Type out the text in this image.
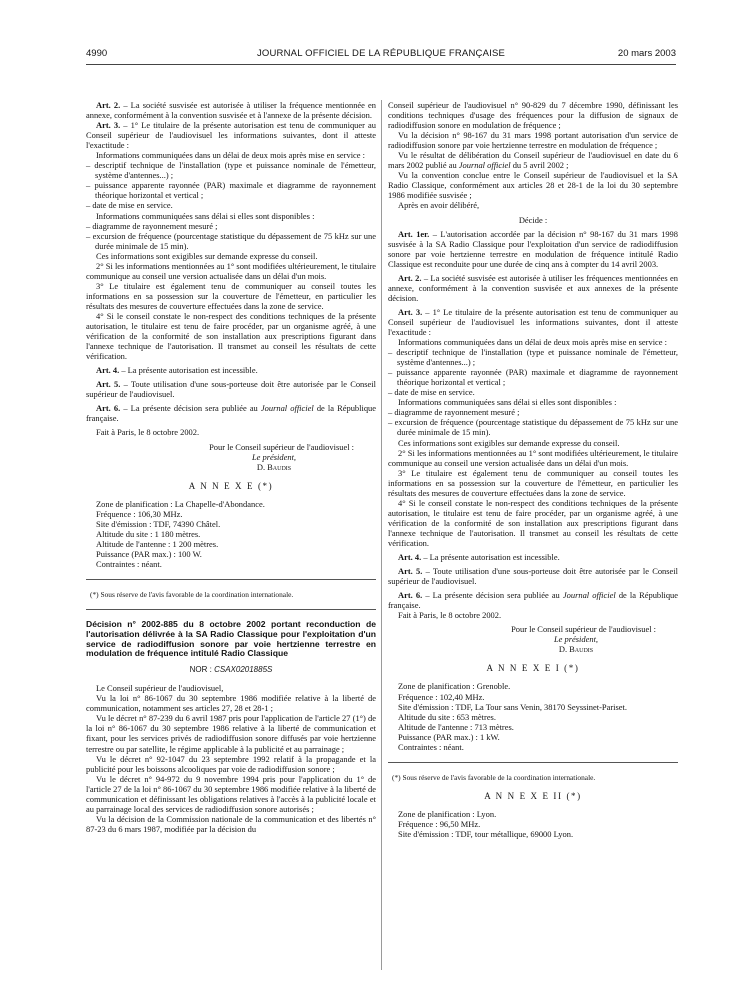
4990	JOURNAL OFFICIEL DE LA RÉPUBLIQUE FRANÇAISE	20 mars 2003

Art. 2. – La société susvisée est autorisée à utiliser la fréquence mentionnée en annexe, conformément à la convention susvisée et à l'annexe de la présente décision.

Art. 3. – 1° Le titulaire de la présente autorisation est tenu de communiquer au Conseil supérieur de l'audiovisuel les informations suivantes, dont il atteste l'exactitude :

Informations communiquées dans un délai de deux mois après mise en service :

– descriptif technique de l'installation (type et puissance nominale de l'émetteur, système d'antennes...) ;

– puissance apparente rayonnée (PAR) maximale et diagramme de rayonnement théorique horizontal et vertical ;

– date de mise en service.

Informations communiquées sans délai si elles sont disponibles :

– diagramme de rayonnement mesuré ;

– excursion de fréquence (pourcentage statistique du dépassement de 75 kHz sur une durée minimale de 15 min).

Ces informations sont exigibles sur demande expresse du conseil.

2° Si les informations mentionnées au 1° sont modifiées ultérieurement, le titulaire communique au conseil une version actualisée dans un délai d'un mois.

3° Le titulaire est également tenu de communiquer au conseil toutes les informations en sa possession sur la couverture de l'émetteur, en particulier les résultats des mesures de couverture effectuées dans la zone de service.

4° Si le conseil constate le non-respect des conditions techniques de la présente autorisation, le titulaire est tenu de faire procéder, par un organisme agréé, à une vérification de la conformité de son installation aux prescriptions figurant dans l'annexe technique de l'autorisation. Il transmet au conseil les résultats de cette vérification.

Art. 4. – La présente autorisation est incessible.

Art. 5. – Toute utilisation d'une sous-porteuse doit être autorisée par le Conseil supérieur de l'audiovisuel.

Art. 6. – La présente décision sera publiée au Journal officiel de la République française.

Fait à Paris, le 8 octobre 2002.

Pour le Conseil supérieur de l'audiovisuel :

Le président,

D. Baudis

A N N E X E (*)

Zone de planification : La Chapelle-d'Abondance.

Fréquence : 106,30 MHz.

Site d'émission : TDF, 74390 Châtel.

Altitude du site : 1 180 mètres.

Altitude de l'antenne : 1 200 mètres.

Puissance (PAR max.) : 100 W.

Contraintes : néant.

(*) Sous réserve de l'avis favorable de la coordination internationale.

Décision n° 2002-885 du 8 octobre 2002 portant reconduction de l'autorisation délivrée à la SA Radio Classique pour l'exploitation d'un service de radiodiffusion sonore par voie hertzienne terrestre en modulation de fréquence intitulé Radio Classique

NOR : CSAX0201885S

Le Conseil supérieur de l'audiovisuel,

Vu la loi n° 86-1067 du 30 septembre 1986 modifiée relative à la liberté de communication, notamment ses articles 27, 28 et 28-1 ;

Vu le décret n° 87-239 du 6 avril 1987 pris pour l'application de l'article 27 (1°) de la loi n° 86-1067 du 30 septembre 1986 relative à la liberté de communication et fixant, pour les services privés de radiodiffusion sonore diffusés par voie hertzienne terrestre ou par satellite, le régime applicable à la publicité et au parrainage ;

Vu le décret n° 92-1047 du 23 septembre 1992 relatif à la propagande et la publicité pour les boissons alcooliques par voie de radiodiffusion sonore ;

Vu le décret n° 94-972 du 9 novembre 1994 pris pour l'application du 1° de l'article 27 de la loi n° 86-1067 du 30 septembre 1986 modifiée relative à la liberté de communication et définissant les obligations relatives à l'accès à la publicité locale et au parrainage local des services de radiodiffusion sonore autorisés ;

Vu la décision de la Commission nationale de la communication et des libertés n° 87-23 du 6 mars 1987, modifiée par la décision du

Conseil supérieur de l'audiovisuel n° 90-829 du 7 décembre 1990, définissant les conditions techniques d'usage des fréquences pour la diffusion de signaux de radiodiffusion sonore en modulation de fréquence ;

Vu la décision n° 98-167 du 31 mars 1998 portant autorisation d'un service de radiodiffusion sonore par voie hertzienne terrestre en modulation de fréquence ;

Vu le résultat de délibération du Conseil supérieur de l'audiovisuel en date du 6 mars 2002 publié au Journal officiel du 5 avril 2002 ;

Vu la convention conclue entre le Conseil supérieur de l'audiovisuel et la SA Radio Classique, conformément aux articles 28 et 28-1 de la loi du 30 septembre 1986 modifiée susvisée ;

Après en avoir délibéré,

Décide :

Art. 1er. – L'autorisation accordée par la décision n° 98-167 du 31 mars 1998 susvisée à la SA Radio Classique pour l'exploitation d'un service de radiodiffusion sonore par voie hertzienne terrestre en modulation de fréquence intitulé Radio Classique est reconduite pour une durée de cinq ans à compter du 14 avril 2003.

Art. 2. – La société susvisée est autorisée à utiliser les fréquences mentionnées en annexe, conformément à la convention susvisée et aux annexes de la présente décision.

Art. 3. – 1° Le titulaire de la présente autorisation est tenu de communiquer au Conseil supérieur de l'audiovisuel les informations suivantes, dont il atteste l'exactitude :

Informations communiquées dans un délai de deux mois après mise en service :

– descriptif technique de l'installation (type et puissance nominale de l'émetteur, système d'antennes...) ;

– puissance apparente rayonnée (PAR) maximale et diagramme de rayonnement théorique horizontal et vertical ;

– date de mise en service.

Informations communiquées sans délai si elles sont disponibles :

– diagramme de rayonnement mesuré ;

– excursion de fréquence (pourcentage statistique du dépassement de 75 kHz sur une durée minimale de 15 min).

Ces informations sont exigibles sur demande expresse du conseil.

2° Si les informations mentionnées au 1° sont modifiées ultérieurement, le titulaire communique au conseil une version actualisée dans un délai d'un mois.

3° Le titulaire est également tenu de communiquer au conseil toutes les informations en sa possession sur la couverture de l'émetteur, en particulier les résultats des mesures de couverture effectuées dans la zone de service.

4° Si le conseil constate le non-respect des conditions techniques de la présente autorisation, le titulaire est tenu de faire procéder, par un organisme agréé, à une vérification de la conformité de son installation aux prescriptions figurant dans l'annexe technique de l'autorisation. Il transmet au conseil les résultats de cette vérification.

Art. 4. – La présente autorisation est incessible.

Art. 5. – Toute utilisation d'une sous-porteuse doit être autorisée par le Conseil supérieur de l'audiovisuel.

Art. 6. – La présente décision sera publiée au Journal officiel de la République française.

Fait à Paris, le 8 octobre 2002.

Pour le Conseil supérieur de l'audiovisuel :

Le président,

D. Baudis

A N N E X E I (*)

Zone de planification : Grenoble.

Fréquence : 102,40 MHz.

Site d'émission : TDF, La Tour sans Venin, 38170 Seyssinet-Pariset.

Altitude du site : 653 mètres.

Altitude de l'antenne : 713 mètres.

Puissance (PAR max.) : 1 kW.

Contraintes : néant.

(*) Sous réserve de l'avis favorable de la coordination internationale.

A N N E X E II (*)

Zone de planification : Lyon.

Fréquence : 96,50 MHz.

Site d'émission : TDF, tour métallique, 69000 Lyon.
